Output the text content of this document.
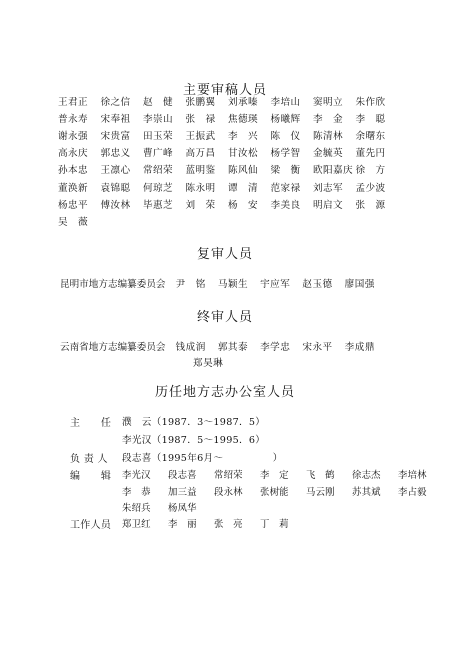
主要审稿人员
王君正	徐之信	赵　健	张鹏翼	刘承嗪	李培山	窦明立	朱作欣
普永寿	宋奉祖	李崇山	张　禄	焦德瑛	杨曦辉	李　金	李　聪
谢永强	宋贵富	田玉荣	王振武	李　兴	陈　仪	陈清林	余曙东
高永庆	郭忠义	曹广峰	高万昌	甘汝松	杨学智	金毓英	董先円
孙本忠	王凛心	常绍荣	蓝明鉴	陈风仙	梁　衡	欧阳嘉庆 徐　方
董涣新	袁锦聪	何琼芝	陈永明	谭　清	范家禄	刘志军	孟少波
杨忠平	傅汝林	毕惠芝	刘　荣	杨　安	李美良	明启文	张　源
吴　薇
复审人员
昆明市地方志编纂委员会 尹　铭 马颖生 宇应军 赵玉德 廖国强
终审人员
云南省地方志编纂委员会 钱成润 郭其泰 李学忠 宋永平 李成鼎
郑昊琳
历任地方志办公室人员
主　　任 濮　云（1987．3～1987．5）
李光汉（1987．5～1995．6）
负 责 人 段志喜（1995年6月～　　　　　）
编　　辑 李光汉	段志喜	常绍荣	李　定	飞　鹤	徐志杰	李培林
李　恭	加三益	段永林	张树能	马云刚	苏其斌	李占毅
朱绍兵	杨凤华
工作人员 郑卫红	李　丽	张　亮	丁　莉
